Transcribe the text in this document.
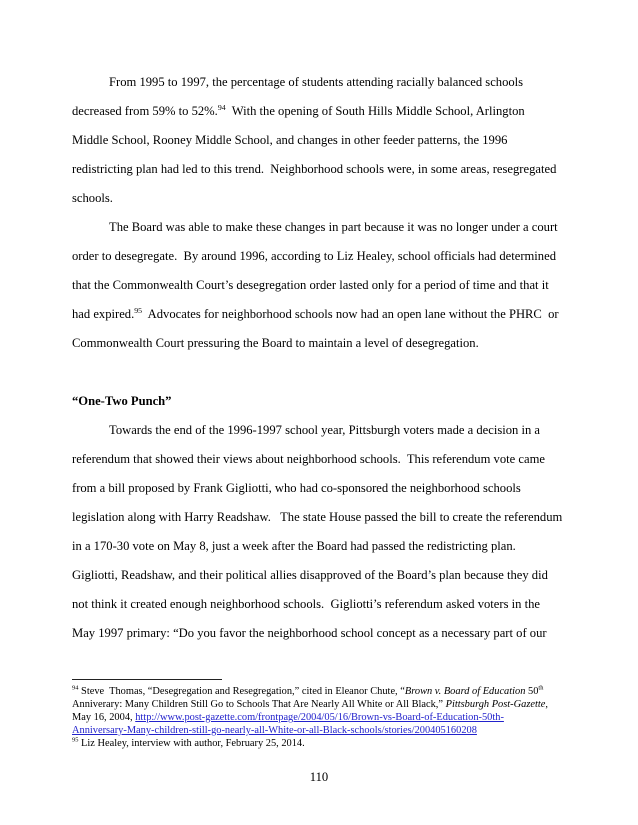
From 1995 to 1997, the percentage of students attending racially balanced schools
decreased from 59% to 52%.$^{94}$  With the opening of South Hills Middle School, Arlington
Middle School, Rooney Middle School, and changes in other feeder patterns, the 1996
redistricting plan had led to this trend.  Neighborhood schools were, in some areas, resegregated
schools.
The Board was able to make these changes in part because it was no longer under a court
order to desegregate.  By around 1996, according to Liz Healey, school officials had determined
that the Commonwealth Court’s desegregation order lasted only for a period of time and that it
had expired.$^{95}$  Advocates for neighborhood schools now had an open lane without the PHRC  or
Commonwealth Court pressuring the Board to maintain a level of desegregation.
“One-Two Punch”
Towards the end of the 1996-1997 school year, Pittsburgh voters made a decision in a
referendum that showed their views about neighborhood schools.  This referendum vote came
from a bill proposed by Frank Gigliotti, who had co-sponsored the neighborhood schools
legislation along with Harry Readshaw.   The state House passed the bill to create the referendum
in a 170-30 vote on May 8, just a week after the Board had passed the redistricting plan.
Gigliotti, Readshaw, and their political allies disapproved of the Board’s plan because they did
not think it created enough neighborhood schools.  Gigliotti’s referendum asked voters in the
May 1997 primary: “Do you favor the neighborhood school concept as a necessary part of our
$^{94}$ Steve  Thomas, “Desegregation and Resegregation,” cited in Eleanor Chute, “Brown v. Board of Education 50th
Anniverary: Many Children Still Go to Schools That Are Nearly All White or All Black,” Pittsburgh Post-Gazette,
May 16, 2004, http://www.post-gazette.com/frontpage/2004/05/16/Brown-vs-Board-of-Education-50th-
Anniversary-Many-children-still-go-nearly-all-White-or-all-Black-schools/stories/200405160208
$^{95}$ Liz Healey, interview with author, February 25, 2014.
110
